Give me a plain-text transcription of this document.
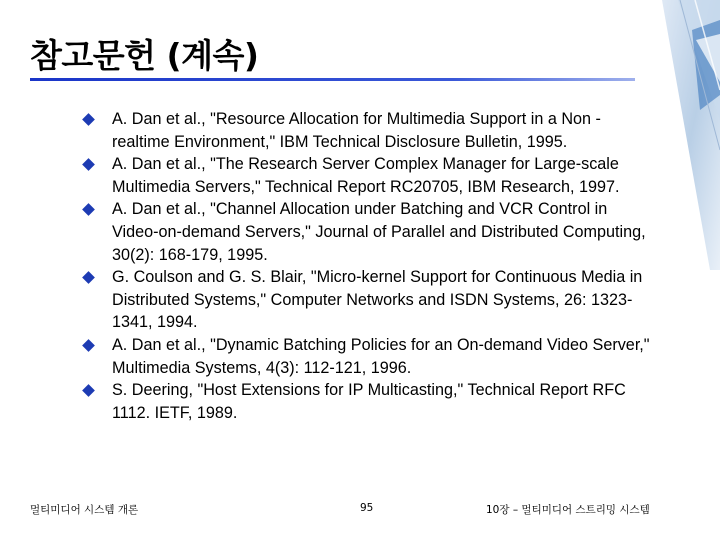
참고문헌 (계속)
A. Dan et al., "Resource Allocation for Multimedia Support in a Non -realtime Environment," IBM Technical Disclosure Bulletin, 1995.
A. Dan et al., "The Research Server Complex Manager for Large-scale Multimedia Servers," Technical Report RC20705, IBM Research, 1997.
A. Dan et al., "Channel Allocation under Batching and VCR Control in Video-on-demand Servers," Journal of Parallel and Distributed Computing, 30(2): 168-179, 1995.
G. Coulson and G. S. Blair, "Micro-kernel Support for Continuous Media in Distributed Systems," Computer Networks and ISDN Systems, 26: 1323-1341, 1994.
A. Dan et al., "Dynamic Batching Policies for an On-demand Video Server," Multimedia Systems, 4(3): 112-121, 1996.
S. Deering, "Host Extensions for IP Multicasting," Technical Report RFC 1112. IETF, 1989.
멀티미디어 시스템 개론	95	10장 – 멀티미디어 스트리밍 시스템
